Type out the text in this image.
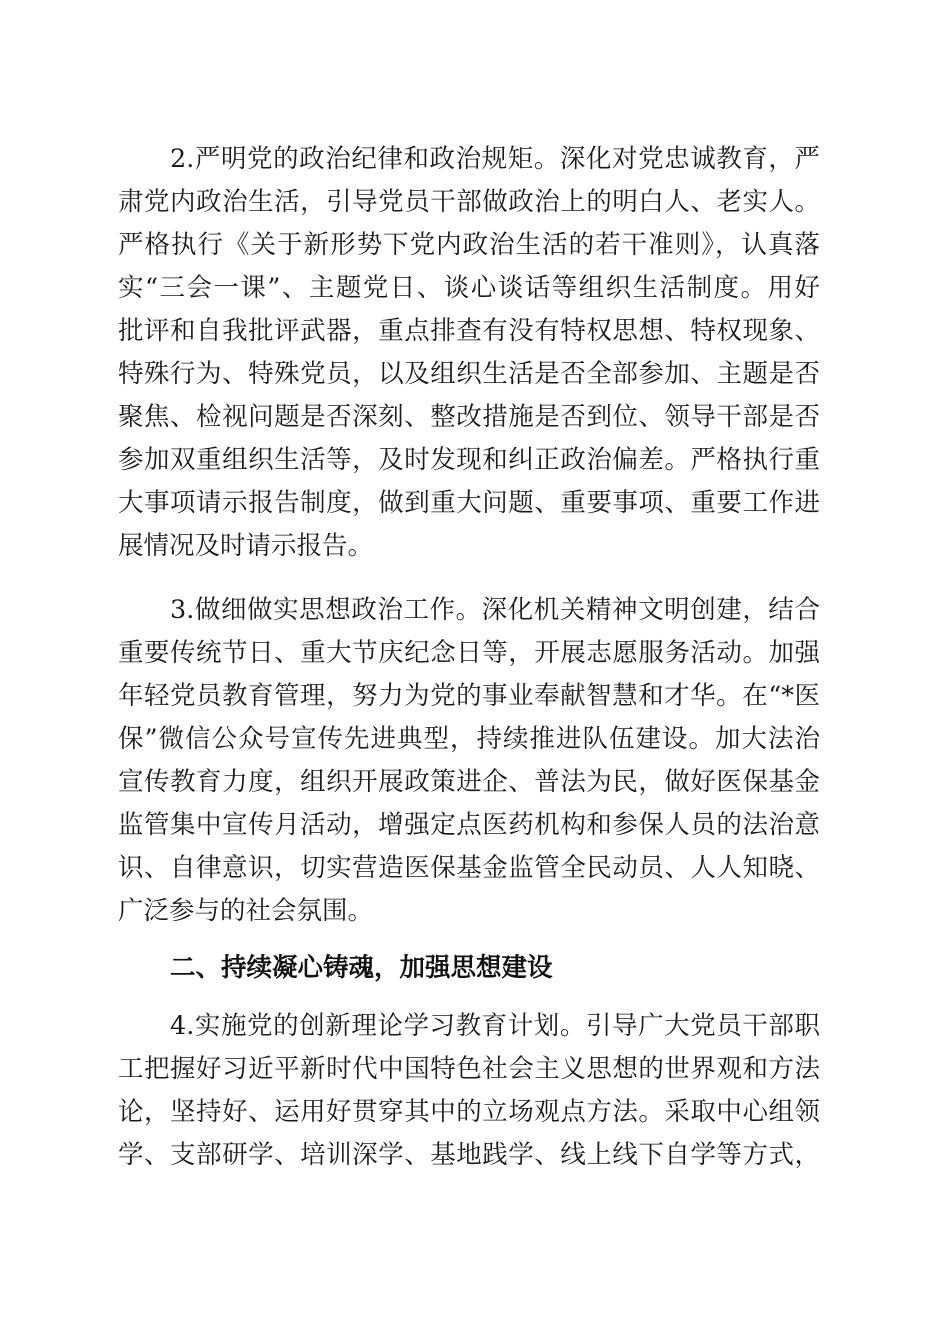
2.严明党的政治纪律和政治规矩。深化对党忠诚教育，严
肃党内政治生活，引导党员干部做政治上的明白人、老实人。
严格执行《关于新形势下党内政治生活的若干准则》，认真落
实“三会一课”、主题党日、谈心谈话等组织生活制度。用好
批评和自我批评武器，重点排查有没有特权思想、特权现象、
特殊行为、特殊党员，以及组织生活是否全部参加、主题是否
聚焦、检视问题是否深刻、整改措施是否到位、领导干部是否
参加双重组织生活等，及时发现和纠正政治偏差。严格执行重
大事项请示报告制度，做到重大问题、重要事项、重要工作进
展情况及时请示报告。
3.做细做实思想政治工作。深化机关精神文明创建，结合
重要传统节日、重大节庆纪念日等，开展志愿服务活动。加强
年轻党员教育管理，努力为党的事业奉献智慧和才华。在“*医
保”微信公众号宣传先进典型，持续推进队伍建设。加大法治
宣传教育力度，组织开展政策进企、普法为民，做好医保基金
监管集中宣传月活动，增强定点医药机构和参保人员的法治意
识、自律意识，切实营造医保基金监管全民动员、人人知晓、
广泛参与的社会氛围。
二、持续凝心铸魂，加强思想建设
4.实施党的创新理论学习教育计划。引导广大党员干部职
工把握好习近平新时代中国特色社会主义思想的世界观和方法
论，坚持好、运用好贯穿其中的立场观点方法。采取中心组领
学、支部研学、培训深学、基地践学、线上线下自学等方式，
